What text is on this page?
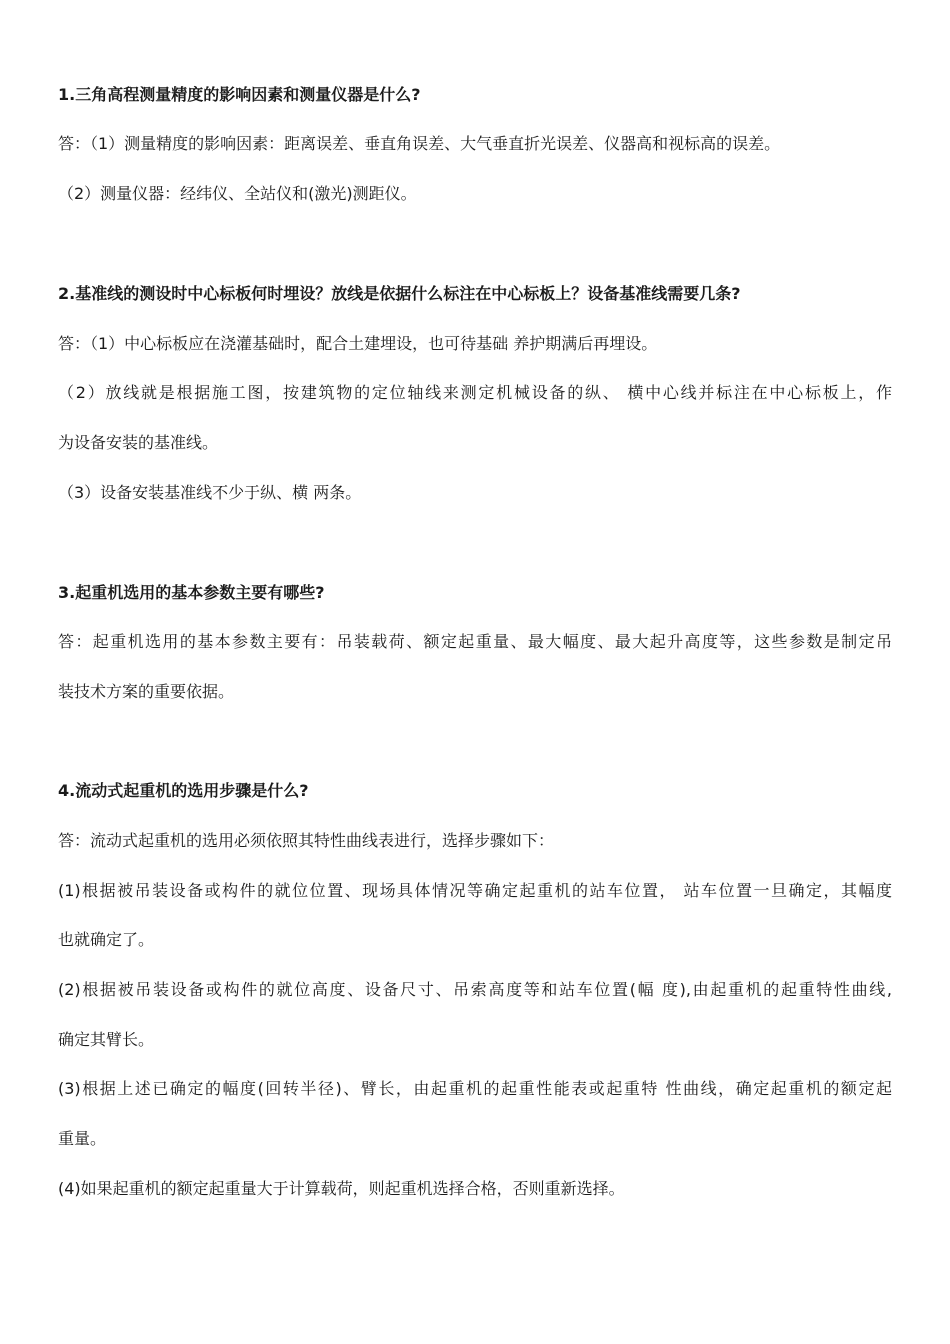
1.三角高程测量精度的影响因素和测量仪器是什么?
答：（1）测量精度的影响因素：距离误差、垂直角误差、大气垂直折光误差、仪器高和视标高的误差。
（2）测量仪器：经纬仪、全站仪和(激光)测距仪。
2.基准线的测设时中心标板何时埋设？放线是依据什么标注在中心标板上？设备基准线需要几条?
答：（1）中心标板应在浇灌基础时，配合土建埋设，也可待基础 养护期满后再埋设。
（2）放线就是根据施工图，按建筑物的定位轴线来测定机械设备的纵、 横中心线并标注在中心标板上，作
为设备安装的基准线。
（3）设备安装基准线不少于纵、横 两条。
3.起重机选用的基本参数主要有哪些?
答：起重机选用的基本参数主要有：吊装载荷、额定起重量、最大幅度、最大起升高度等，这些参数是制定吊
装技术方案的重要依据。
4.流动式起重机的选用步骤是什么?
答：流动式起重机的选用必须依照其特性曲线表进行，选择步骤如下：
(1)根据被吊装设备或构件的就位位置、现场具体情况等确定起重机的站车位置， 站车位置一旦确定，其幅度
也就确定了。
(2)根据被吊装设备或构件的就位高度、设备尺寸、吊索高度等和站车位置(幅 度),由起重机的起重特性曲线,
确定其臂长。
(3)根据上述已确定的幅度(回转半径)、臂长，由起重机的起重性能表或起重特 性曲线，确定起重机的额定起
重量。
(4)如果起重机的额定起重量大于计算载荷，则起重机选择合格，否则重新选择。
